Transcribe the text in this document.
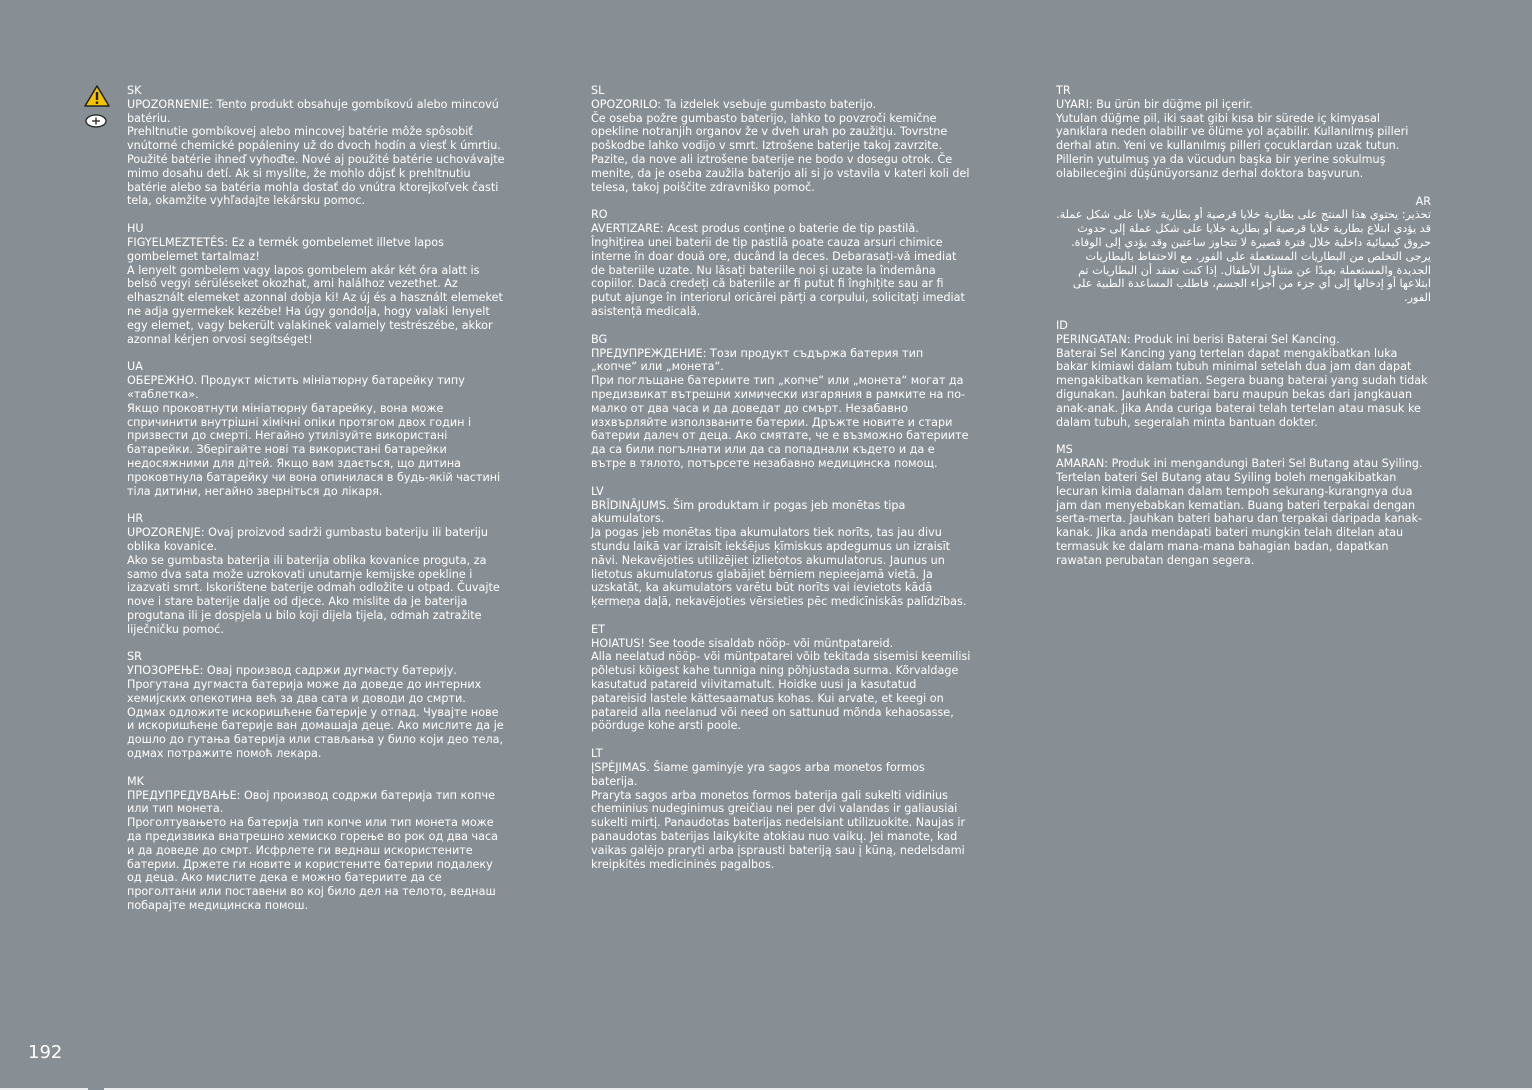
SK
UPOZORNENIE: Tento produkt obsahuje gombíkovú alebo mincovú batériu.

Prehltnutie gombíkovej alebo mincovej batérie môže spôsobiť vnútorné chemické popáleniny už do dvoch hodín a viesť k úmrtiu. Použité batérie ihneď vyhoďte. Nové aj použité batérie uchovávajte mimo dosahu detí. Ak si myslíte, že mohlo dôjsť k prehltnutiu batérie alebo sa batéria mohla dostať do vnútra ktorejkoľvek časti tela, okamžite vyhľadajte lekársku pomoc.

HU
FIGYELMEZTETÉS: Ez a termék gombelemet illetve lapos gombelemet tartalmaz!

A lenyelt gombelem vagy lapos gombelem akár két óra alatt is belső vegyi sérüléseket okozhat, ami halálhoz vezethet. Az elhasznált elemeket azonnal dobja ki! Az új és a használt elemeket ne adja gyermekek kezébe! Ha úgy gondolja, hogy valaki lenyelt egy elemet, vagy bekerült valakinek valamely testrészébe, akkor azonnal kérjen orvosi segítséget!

UA
ОБЕРЕЖНО. Продукт містить мініатюрну батарейку типу «таблетка».

Якщо проковтнути мініатюрну батарейку, вона може спричинити внутрішні хімічні опіки протягом двох годин і призвести до смерті. Негайно утилізуйте використані батарейки. Зберігайте нові та використані батарейки недосяжними для дітей. Якщо вам здається, що дитина проковтнула батарейку чи вона опинилася в будь-якій частині тіла дитини, негайно зверніться до лікаря.

HR
UPOZORENJE: Ovaj proizvod sadrži gumbastu bateriju ili bateriju oblika kovanice.

Ako se gumbasta baterija ili baterija oblika kovanice proguta, za samo dva sata može uzrokovati unutarnje kemijske opekline i izazvati smrt. Iskorištene baterije odmah odložite u otpad. Čuvajte nove i stare baterije dalje od djece. Ako mislite da je baterija progutana ili je dospjela u bilo koji dijela tijela, odmah zatražite liječničku pomoć.

SR
УПОЗОРЕЊЕ: Овај производ садржи дугмасту батерију.

Прогутана дугмаста батерија може да доведе до интерних хемијских опекотина већ за два сата и доводи до смрти. Одмах одложите искоришћене батерије у отпад. Чувајте нове и искоришћене батерије ван домашаја деце. Ако мислите да је дошло до гутања батерија или стављања у било који део тела, одмах потражите помоћ лекара.

MK
ПРЕДУПРЕДУВАЊЕ: Овој производ содржи батерија тип копче или тип монета.

Проголтувањето на батерија тип копче или тип монета може да предизвика внатрешно хемиско горење во рок од два часа и да доведе до смрт. Исфрлете ги веднаш искористените батерии. Држете ги новите и користените батерии подалеку од деца. Ако мислите дека е можно батериите да се проголтани или поставени во кој било дел на телото, веднаш побарајте медицинска помош.

SL
OPOZORILO: Ta izdelek vsebuje gumbasto baterijo.

Če oseba požre gumbasto baterijo, lahko to povzroči kemične opekline notranjih organov že v dveh urah po zaužitju. Tovrstne poškodbe lahko vodijo v smrt. Iztrošene baterije takoj zavrzite. Pazite, da nove ali iztrošene baterije ne bodo v dosegu otrok. Če menite, da je oseba zaužila baterijo ali si jo vstavila v kateri koli del telesa, takoj poiščite zdravniško pomoč.

RO
AVERTIZARE: Acest produs conține o baterie de tip pastilă.

Înghițirea unei baterii de tip pastilă poate cauza arsuri chimice interne în doar două ore, ducând la deces. Debarasați-vă imediat de bateriile uzate. Nu lăsați bateriile noi și uzate la îndemâna copiilor. Dacă credeți că bateriile ar fi putut fi înghițite sau ar fi putut ajunge în interiorul oricărei părți a corpului, solicitați imediat asistență medicală.

BG
ПРЕДУПРЕЖДЕНИЕ: Този продукт съдържа батерия тип „копче“ или „монета“.

При поглъщане батериите тип „копче“ или „монета“ могат да предизвикат вътрешни химически изгаряния в рамките на по-малко от два часа и да доведат до смърт. Незабавно изхвърляйте използваните батерии. Дръжте новите и стари батерии далеч от деца. Ако смятате, че е възможно батериите да са били погълнати или да са попаднали където и да е вътре в тялото, потърсете незабавно медицинска помощ.

LV
BRĪDINĀJUMS. Šim produktam ir pogas jeb monētas tipa akumulators.

Ja pogas jeb monētas tipa akumulators tiek norīts, tas jau divu stundu laikā var izraisīt iekšējus ķīmiskus apdegumus un izraisīt nāvi. Nekavējoties utilizējiet izlietotos akumulatorus. Jaunus un lietotus akumulatorus glabājiet bērniem nepieejamā vietā. Ja uzskatāt, ka akumulators varētu būt norīts vai ievietots kādā ķermeņa daļā, nekavējoties vērsieties pēc medicīniskās palīdzības.

ET
HOIATUS! See toode sisaldab nööp- või müntpatareid.

Alla neelatud nööp- või müntpatarei võib tekitada sisemisi keemilisi põletusi kõigest kahe tunniga ning põhjustada surma. Kõrvaldage kasutatud patareid viivitamatult. Hoidke uusi ja kasutatud patareisid lastele kättesaamatus kohas. Kui arvate, et keegi on patareid alla neelanud või need on sattunud mõnda kehaosasse, pöörduge kohe arsti poole.

LT
ĮSPĖJIMAS. Šiame gaminyje yra sagos arba monetos formos baterija.

Praryta sagos arba monetos formos baterija gali sukelti vidinius cheminius nudeginimus greičiau nei per dvi valandas ir galiausiai sukelti mirtį. Panaudotas baterijas nedelsiant utilizuokite. Naujas ir panaudotas baterijas laikykite atokiau nuo vaikų. Jei manote, kad vaikas galėjo praryti arba įsprausti bateriją sau į kūną, nedelsdami kreipkitės medicininės pagalbos.

TR
UYARI: Bu ürün bir düğme pil içerir.

Yutulan düğme pil, iki saat gibi kısa bir sürede iç kimyasal yanıklara neden olabilir ve ölüme yol açabilir. Kullanılmış pilleri derhal atın. Yeni ve kullanılmış pilleri çocuklardan uzak tutun. Pillerin yutulmuş ya da vücudun başka bir yerine sokulmuş olabileceğini düşünüyorsanız derhal doktora başvurun.

AR
تحذير: يحتوي هذا المنتج على بطارية خلايا قرصية أو بطارية خلايا على شكل عملة.

قد يؤدي ابتلاع بطارية خلايا قرصية أو بطارية خلايا على شكل عملة إلى حدوث حروق كيميائية داخلية خلال فترة قصيرة لا تتجاوز ساعتين وقد يؤدي إلى الوفاة. يرجى التخلص من البطاريات المستعملة على الفور. مع الاحتفاظ بالبطاريات الجديدة والمستعملة بعيدًا عن متناول الأطفال. إذا كنت تعتقد أن البطاريات تم ابتلاعها أو إدخالها إلى أي جزء من أجزاء الجسم، فاطلب المساعدة الطبية على الفور.

ID
PERINGATAN: Produk ini berisi Baterai Sel Kancing.

Baterai Sel Kancing yang tertelan dapat mengakibatkan luka bakar kimiawi dalam tubuh minimal setelah dua jam dan dapat mengakibatkan kematian. Segera buang baterai yang sudah tidak digunakan. Jauhkan baterai baru maupun bekas dari jangkauan anak-anak. Jika Anda curiga baterai telah tertelan atau masuk ke dalam tubuh, segeralah minta bantuan dokter.

MS
AMARAN: Produk ini mengandungi Bateri Sel Butang atau Syiling.

Tertelan bateri Sel Butang atau Syiling boleh mengakibatkan lecuran kimia dalaman dalam tempoh sekurang-kurangnya dua jam dan menyebabkan kematian. Buang bateri terpakai dengan serta-merta. Jauhkan bateri baharu dan terpakai daripada kanak-kanak. Jika anda mendapati bateri mungkin telah ditelan atau termasuk ke dalam mana-mana bahagian badan, dapatkan rawatan perubatan dengan segera.

192
